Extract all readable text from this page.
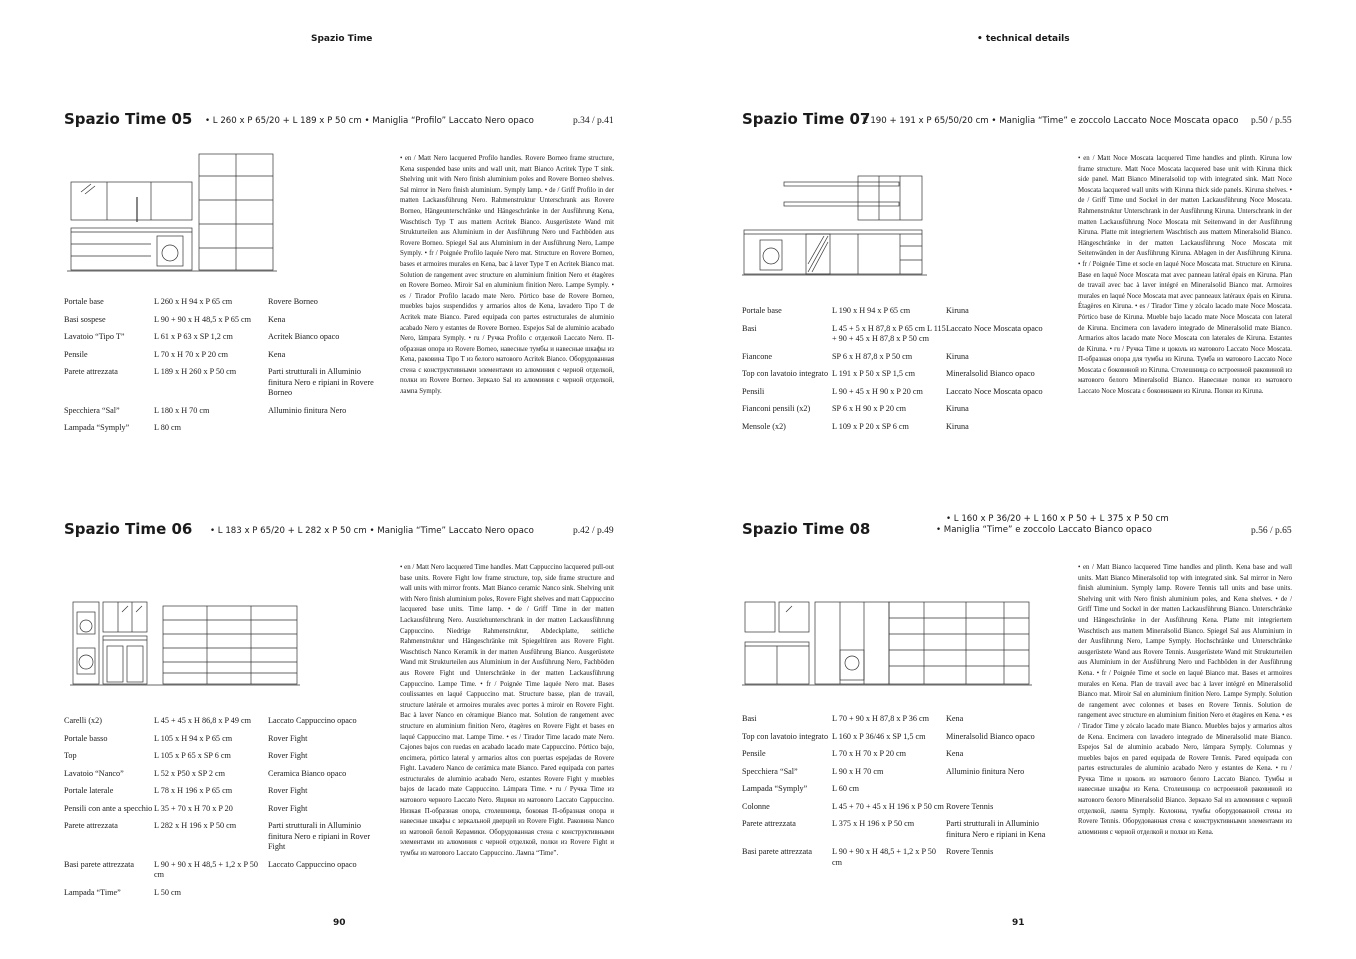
Spazio Time	• technical details
Spazio Time 05 • L 260 x P 65/20 + L 189 x P 50 cm • Maniglia “Profilo” Laccato Nero opaco	p.34 / p.41
Portale base	L 260 x H 94 x P 65 cm	Rovere Borneo
Basi sospese	L 90 + 90 x H 48,5 x P 65 cm	Kena
Lavatoio “Tipo T”	L 61 x P 63 x SP 1,2 cm	Acritek Bianco opaco
Pensile	L 70 x H 70 x P 20 cm	Kena
Parete attrezzata	L 189 x H 260 x P 50 cm	Parti strutturali in Alluminio finitura Nero e ripiani in Rovere Borneo
Specchiera “Sal”	L 180 x H 70 cm	Alluminio finitura Nero
Lampada “Symply”	L 80 cm	
• en / Matt Nero lacquered Profilo handles. Rovere Borneo frame structure, Kena suspended base units and wall unit, matt Bianco Acritek Type T sink. Shelving unit with Nero finish aluminium poles and Rovere Borneo shelves. Sal mirror in Nero finish aluminium. Symply lamp. • de / Griff Profilo in der matten Lackausführung Nero. Rahmenstruktur Unterschrank aus Rovere Borneo, Hängeunterschränke und Hängeschränke in der Ausführung Kena, Waschtisch Typ T aus mattem Acritek Bianco. Ausgerüstete Wand mit Strukturteilen aus Aluminium in der Ausführung Nero und Fachböden aus Rovere Borneo. Spiegel Sal aus Aluminium in der Ausführung Nero, Lampe Symply. • fr / Poignée Profilo laquée Nero mat. Structure en Rovere Borneo, bases et armoires murales en Kena, bac à laver Type T en Acritek Bianco mat. Solution de rangement avec structure en aluminium finition Nero et étagères en Rovere Borneo. Miroir Sal en aluminium finition Nero. Lampe Symply. • es / Tirador Profilo lacado mate Nero. Pórtico base de Rovere Borneo, muebles bajos suspendidos y armarios altos de Kena, lavadero Tipo T de Acritek mate Bianco. Pared equipada con partes estructurales de aluminio acabado Nero y estantes de Rovere Borneo. Espejos Sal de aluminio acabado Nero, lámpara Symply. • ru / Ручка Profilo с отделкой Laccato Nero. П-образная опора из Rovere Borneo, навесные тумбы и навесные шкафы из Kena, раковина Tipo T из белого матового Acritek Bianco. Оборудованная стена с конструктивными элементами из алюминия с черной отделкой, полки из Rovere Borneo. Зеркало Sal из алюминия с черной отделкой, лампа Symply.
Spazio Time 06 • L 183 x P 65/20 + L 282 x P 50 cm • Maniglia “Time” Laccato Nero opaco	p.42 / p.49
Carelli (x2)	L 45 + 45 x H 86,8 x P 49 cm	Laccato Cappuccino opaco
Portale basso	L 105 x H 94 x P 65 cm	Rover Fight
Top	L 105 x P 65 x SP 6 cm	Rover Fight
Lavatoio “Nanco”	L 52 x P50 x SP 2 cm	Ceramica Bianco opaco
Portale laterale	L 78 x H 196 x P 65 cm	Rover Fight
Pensili con ante a specchio	L 35 + 70 x H 70 x P 20	Rover Fight
Parete attrezzata	L 282 x H 196 x P 50 cm	Parti strutturali in Alluminio finitura Nero e ripiani in Rover Fight
Basi parete attrezzata	L 90 + 90 x H 48,5 + 1,2 x P 50 cm	Laccato Cappuccino opaco
Lampada “Time”	L 50 cm	
• en / Matt Nero lacquered Time handles. Matt Cappuccino lacquered pull-out base units. Rovere Fight low frame structure, top, side frame structure and wall units with mirror fronts. Matt Bianco ceramic Nanco sink. Shelving unit with Nero finish aluminium poles, Rovere Fight shelves and matt Cappuccino lacquered base units. Time lamp. • de / Griff Time in der matten Lackausführung Nero. Ausziehunterschrank in der matten Lackausführung Cappuccino. Niedrige Rahmenstruktur, Abdeckplatte, seitliche Rahmenstruktur und Hängeschränke mit Spiegeltüren aus Rovere Fight. Waschtisch Nanco Keramik in der matten Ausführung Bianco. Ausgerüstete Wand mit Strukturteilen aus Aluminium in der Ausführung Nero, Fachböden aus Rovere Fight und Unterschränke in der matten Lackausführung Cappuccino. Lampe Time. • fr / Poignée Time laquée Nero mat. Bases coulissantes en laqué Cappuccino mat. Structure basse, plan de travail, structure latérale et armoires murales avec portes à miroir en Rovere Fight. Bac à laver Nanco en céramique Bianco mat. Solution de rangement avec structure en aluminium finition Nero, étagères en Rovere Fight et bases en laqué Cappuccino mat. Lampe Time. • es / Tirador Time lacado mate Nero. Cajones bajos con ruedas en acabado lacado mate Cappuccino. Pórtico bajo, encimera, pórtico lateral y armarios altos con puertas espejadas de Rovere Fight. Lavadero Nanco de cerámica mate Bianco. Pared equipada con partes estructurales de aluminio acabado Nero, estantes Rovere Fight y muebles bajos de lacado mate Cappuccino. Lámpara Time. • ru / Ручка Time из матового черного Laccato Nero. Ящики из матового Laccato Cappuccino. Низкая П-образная опора, столешница, боковая П-образная опора и навесные шкафы с зеркальной дверцей из Rovere Fight. Раковина Nanco из матовой белой Керамики. Оборудованная стена с конструктивными элементами из алюминия с черной отделкой, полки из Rovere Fight и тумбы из матового Laccato Cappuccino. Лампа “Time”.
90
Spazio Time 07
• L 190 + 191 x P 65/50/20 cm • Maniglia “Time” e zoccolo Laccato Noce Moscata opaco p.50 / p.55
Portale base	L 190 x H 94 x P 65 cm	Kiruna
Basi	L 45 + 5 x H 87,8 x P 65 cm L 115 + 90 + 45 x H 87,8 x P 50 cm	Laccato Noce Moscata opaco
Fiancone	SP 6 x H 87,8 x P 50 cm	Kiruna
Top con lavatoio integrato	L 191 x P 50 x SP 1,5 cm	Mineralsolid Bianco opaco
Pensili	L 90 + 45 x H 90 x P 20 cm	Laccato Noce Moscata opaco
Fianconi pensili (x2)	SP 6 x H 90 x P 20 cm	Kiruna
Mensole (x2)	L 109 x P 20 x SP 6 cm	Kiruna
• en / Matt Noce Moscata lacquered Time handles and plinth. Kiruna low frame structure. Matt Noce Moscata lacquered base unit with Kiruna thick side panel. Matt Bianco Mineralsolid top with integrated sink. Matt Noce Moscata lacquered wall units with Kiruna thick side panels. Kiruna shelves. • de / Griff Time und Sockel in der matten Lackausführung Noce Moscata. Rahmenstruktur Unterschrank in der Ausführung Kiruna. Unterschrank in der matten Lackausführung Noce Moscata mit Seitenwand in der Ausführung Kiruna. Platte mit integriertem Waschtisch aus mattem Mineralsolid Bianco. Hängeschränke in der matten Lackausführung Noce Moscata mit Seitenwänden in der Ausführung Kiruna. Ablagen in der Ausführung Kiruna. • fr / Poignée Time et socle en laqué Noce Moscata mat. Structure en Kiruna. Base en laqué Noce Moscata mat avec panneau latéral épais en Kiruna. Plan de travail avec bac à laver intégré en Mineralsolid Bianco mat. Armoires murales en laqué Noce Moscata mat avec panneaux latéraux épais en Kiruna. Étagères en Kiruna. • es / Tirador Time y zócalo lacado mate Noce Moscata. Pórtico base de Kiruna. Mueble bajo lacado mate Noce Moscata con lateral de Kiruna. Encimera con lavadero integrado de Mineralsolid mate Bianco. Armarios altos lacado mate Noce Moscata con laterales de Kiruna. Estantes de Kiruna. • ru / Ручка Time и цоколь из матового Laccato Noce Moscata. П-образная опора для тумбы из Kiruna. Тумба из матового Laccato Noce Moscata с боковиной из Kiruna. Столешница со встроенной раковиной из матового белого Mineralsolid Bianco. Навесные полки из матового Laccato Noce Moscata с боковинами из Kiruna. Полки из Kiruna.
Spazio Time 08
• L 160 x P 36/20 + L 160 x P 50 + L 375 x P 50 cm
• Maniglia “Time” e zoccolo Laccato Bianco opaco	p.56 / p.65
Basi	L 70 + 90 x H 87,8 x P 36 cm	Kena
Top con lavatoio integrato	L 160 x P 36/46 x SP 1,5 cm	Mineralsolid Bianco opaco
Pensile	L 70 x H 70 x P 20 cm	Kena
Specchiera “Sal”	L 90 x H 70 cm	Alluminio finitura Nero
Lampada “Symply”	L 60 cm	
Colonne	L 45 + 70 + 45 x H 196 x P 50 cm	Rovere Tennis
Parete attrezzata	L 375 x H 196 x P 50 cm	Parti strutturali in Alluminio finitura Nero e ripiani in Kena
Basi parete attrezzata	L 90 + 90 x H 48,5 + 1,2 x P 50 cm	Rovere Tennis
• en / Matt Bianco lacquered Time handles and plinth. Kena base and wall units. Matt Bianco Mineralsolid top with integrated sink. Sal mirror in Nero finish aluminium. Symply lamp. Rovere Tennis tall units and base units. Shelving unit with Nero finish aluminium poles, and Kena shelves. • de / Griff Time und Sockel in der matten Lackausführung Bianco. Unterschränke und Hängeschränke in der Ausführung Kena. Platte mit integriertem Waschtisch aus mattem Mineralsolid Bianco. Spiegel Sal aus Aluminium in der Ausführung Nero, Lampe Symply. Hochschränke und Unterschränke ausgerüstete Wand aus Rovere Tennis. Ausgerüstete Wand mit Strukturteilen aus Aluminium in der Ausführung Nero und Fachböden in der Ausführung Kena. • fr / Poignée Time et socle en laqué Bianco mat. Bases et armoires murales en Kena. Plan de travail avec bac à laver intégré en Mineralsolid Bianco mat. Miroir Sal en aluminium finition Nero. Lampe Symply. Solution de rangement avec colonnes et bases en Rovere Tennis. Solution de rangement avec structure en aluminium finition Nero et étagères en Kena. • es / Tirador Time y zócalo lacado mate Bianco. Muebles bajos y armarios altos de Kena. Encimera con lavadero integrado de Mineralsolid mate Bianco. Espejos Sal de aluminio acabado Nero, lámpara Symply. Columnas y muebles bajos en pared equipada de Rovere Tennis. Pared equipada con partes estructurales de aluminio acabado Nero y estantes de Kena. • ru / Ручка Time и цоколь из матового белого Laccato Bianco. Тумбы и навесные шкафы из Kena. Столешница со встроенной раковиной из матового белого Mineralsolid Bianco. Зеркало Sal из алюминия с черной отделкой, лампа Symply. Колонны, тумбы оборудованной стены из Rovere Tennis. Оборудованная стена с конструктивными элементами из алюминия с черной отделкой и полки из Kena.
91
